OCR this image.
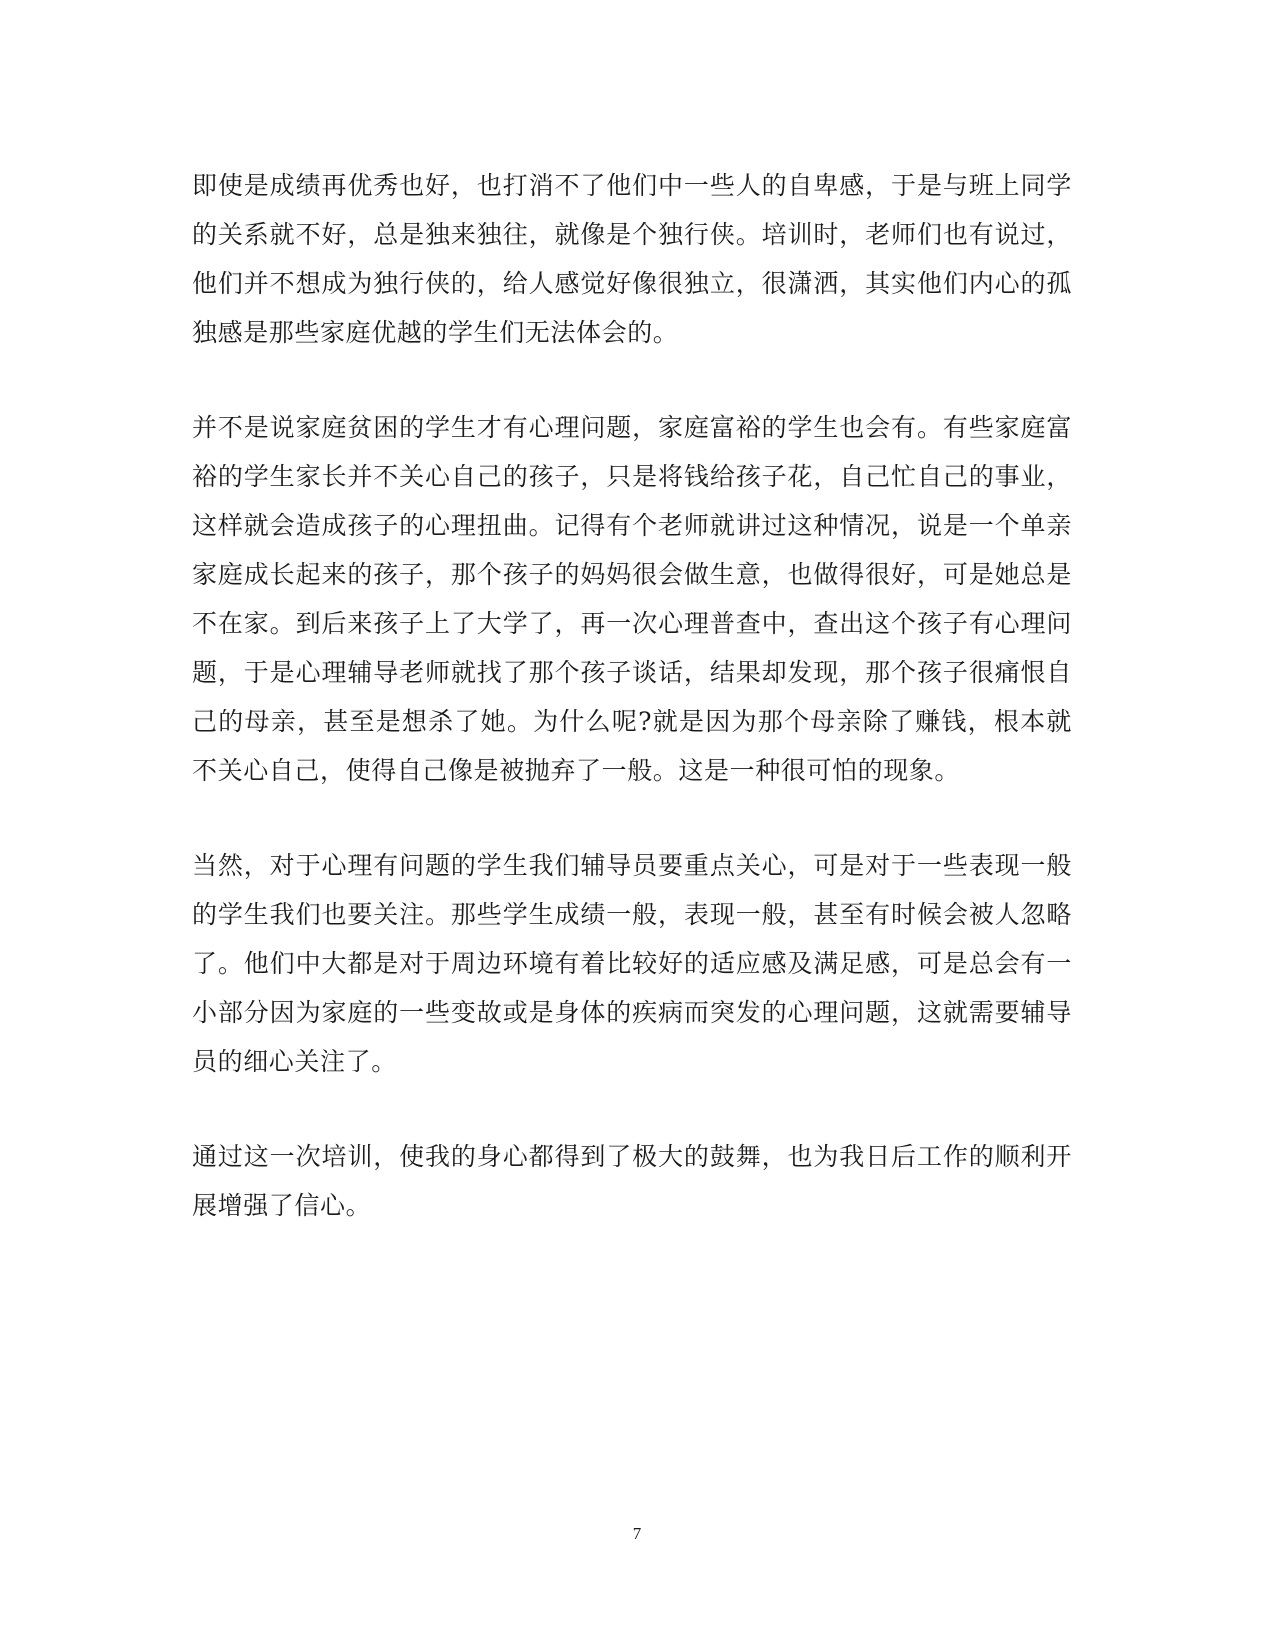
即使是成绩再优秀也好，也打消不了他们中一些人的自卑感，于是与班上同学的关系就不好，总是独来独往，就像是个独行侠。培训时，老师们也有说过，他们并不想成为独行侠的，给人感觉好像很独立，很潇洒，其实他们内心的孤独感是那些家庭优越的学生们无法体会的。

并不是说家庭贫困的学生才有心理问题，家庭富裕的学生也会有。有些家庭富裕的学生家长并不关心自己的孩子，只是将钱给孩子花，自己忙自己的事业，这样就会造成孩子的心理扭曲。记得有个老师就讲过这种情况，说是一个单亲家庭成长起来的孩子，那个孩子的妈妈很会做生意，也做得很好，可是她总是不在家。到后来孩子上了大学了，再一次心理普查中，查出这个孩子有心理问题，于是心理辅导老师就找了那个孩子谈话，结果却发现，那个孩子很痛恨自己的母亲，甚至是想杀了她。为什么呢?就是因为那个母亲除了赚钱，根本就不关心自己，使得自己像是被抛弃了一般。这是一种很可怕的现象。

当然，对于心理有问题的学生我们辅导员要重点关心，可是对于一些表现一般的学生我们也要关注。那些学生成绩一般，表现一般，甚至有时候会被人忽略了。他们中大都是对于周边环境有着比较好的适应感及满足感，可是总会有一小部分因为家庭的一些变故或是身体的疾病而突发的心理问题，这就需要辅导员的细心关注了。

通过这一次培训，使我的身心都得到了极大的鼓舞，也为我日后工作的顺利开展增强了信心。

7
